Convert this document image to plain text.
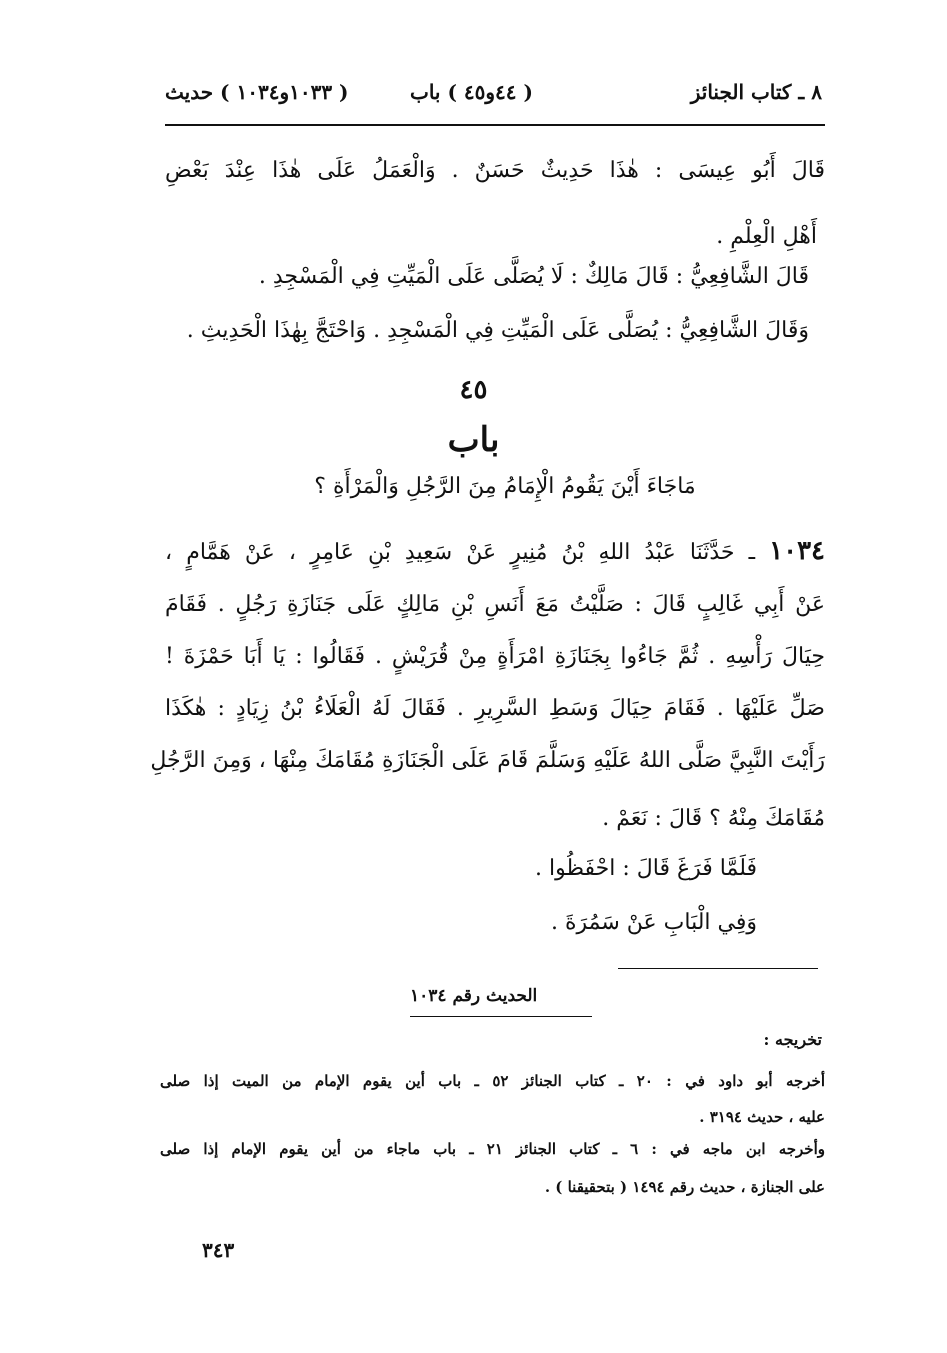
٨ ـ كتاب الجنائز
( ٤٤و٤٥ ) باب
( ١٠٣٣و١٠٣٤ ) حديث
قَالَ أَبُو عِيسَى : هٰذَا حَدِيثٌ حَسَنٌ . وَالْعَمَلُ عَلَى هٰذَا عِنْدَ بَعْضِ
أَهْلِ الْعِلْمِ .
قَالَ الشَّافِعِيُّ : قَالَ مَالِكٌ : لَا يُصَلَّى عَلَى الْمَيِّتِ فِي الْمَسْجِدِ .
وَقَالَ الشَّافِعِيُّ : يُصَلَّى عَلَى الْمَيِّتِ فِي الْمَسْجِدِ . وَاحْتَجَّ بِهٰذَا الْحَدِيثِ .
٤٥
باب
مَاجَاءَ أَيْنَ يَقُومُ الْإِمَامُ مِنَ الرَّجُلِ وَالْمَرْأَةِ ؟
١٠٣٤ ـ حَدَّثَنَا عَبْدُ اللهِ بْنُ مُنِيرٍ عَنْ سَعِيدِ بْنِ عَامِرٍ ، عَنْ هَمَّامٍ ،
عَنْ أَبِي غَالِبٍ قَالَ : صَلَّيْتُ مَعَ أَنَسِ بْنِ مَالِكٍ عَلَى جَنَازَةِ رَجُلٍ . فَقَامَ
حِيَالَ رَأْسِهِ . ثُمَّ جَاءُوا بِجَنَازَةِ امْرَأَةٍ مِنْ قُرَيْشٍ . فَقَالُوا : يَا أَبَا حَمْزَةَ !
صَلِّ عَلَيْهَا . فَقَامَ حِيَالَ وَسَطِ السَّرِيرِ . فَقَالَ لَهُ الْعَلَاءُ بْنُ زِيَادٍ : هٰكَذَا
رَأَيْتَ النَّبِيَّ صَلَّى اللهُ عَلَيْهِ وَسَلَّمَ قَامَ عَلَى الْجَنَازَةِ مُقَامَكَ مِنْهَا ، وَمِنَ الرَّجُلِ
مُقَامَكَ مِنْهُ ؟ قَالَ : نَعَمْ .
فَلَمَّا فَرَغَ قَالَ : احْفَظُوا .
وَفِي الْبَابِ عَنْ سَمُرَةَ .
الحديث رقم ١٠٣٤
تخريجه :
أخرجه أبو داود في : ٢٠ ـ كتاب الجنائز ٥٢ ـ باب أين يقوم الإمام من الميت إذا صلى
عليه ، حديث ٣١٩٤ .
وأخرجه ابن ماجه في : ٦ ـ كتاب الجنائز ٢١ ـ باب ماجاء من أين يقوم الإمام إذا صلى
على الجنازة ، حديث رقم ١٤٩٤ ( بتحقيقنا ) .
٣٤٣
